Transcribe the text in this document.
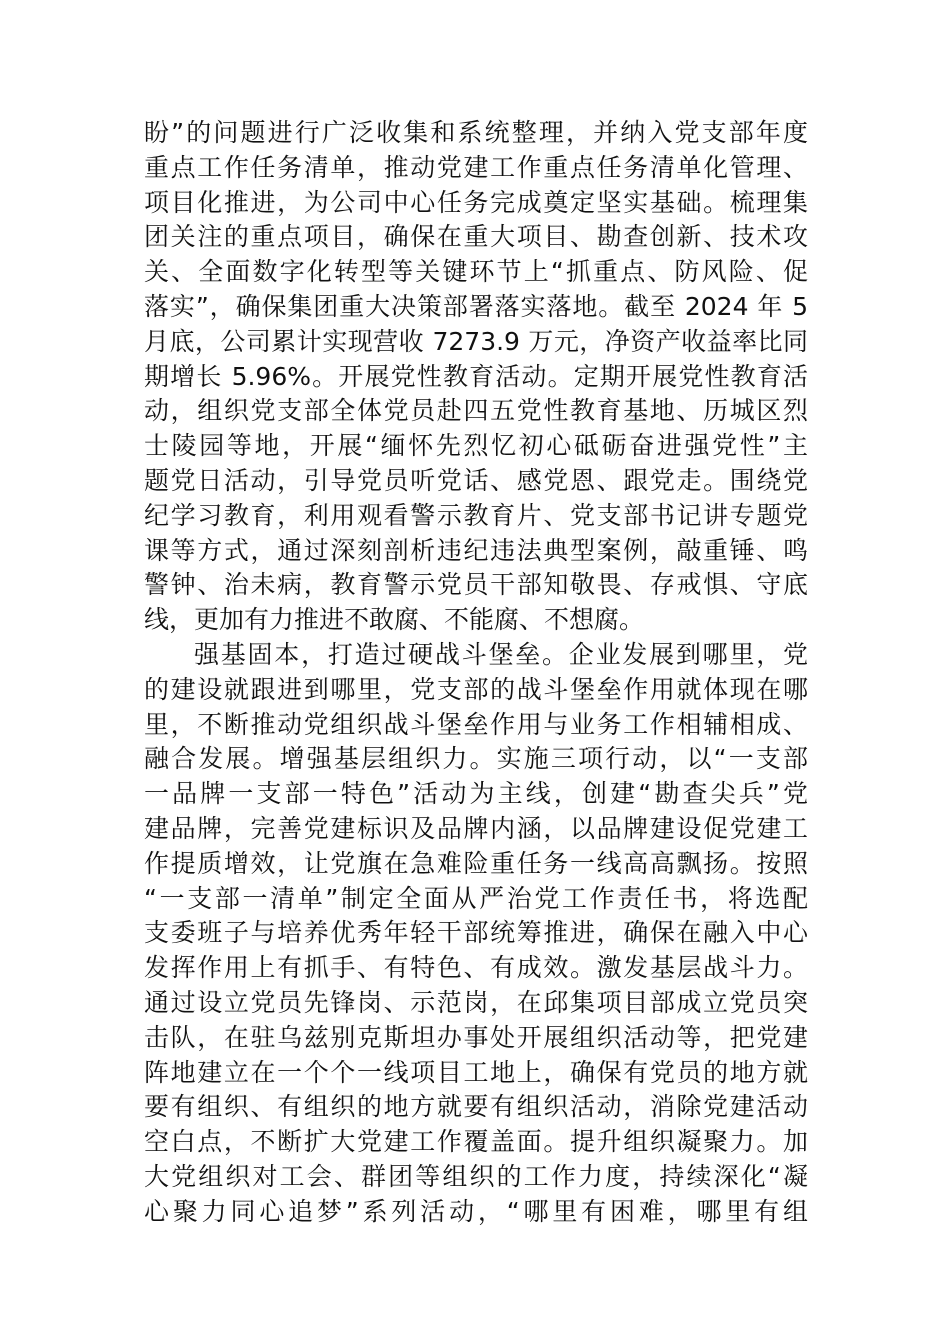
盼”的问题进行广泛收集和系统整理，并纳入党支部年度
重点工作任务清单，推动党建工作重点任务清单化管理、
项目化推进，为公司中心任务完成奠定坚实基础。梳理集
团关注的重点项目，确保在重大项目、勘查创新、技术攻
关、全面数字化转型等关键环节上“抓重点、防风险、促
落实”，确保集团重大决策部署落实落地。截至 2024 年 5
月底，公司累计实现营收 7273.9 万元，净资产收益率比同
期增长 5.96%。开展党性教育活动。定期开展党性教育活
动，组织党支部全体党员赴四五党性教育基地、历城区烈
士陵园等地，开展“缅怀先烈忆初心砥砺奋进强党性”主
题党日活动，引导党员听党话、感党恩、跟党走。围绕党
纪学习教育，利用观看警示教育片、党支部书记讲专题党
课等方式，通过深刻剖析违纪违法典型案例，敲重锤、鸣
警钟、治未病，教育警示党员干部知敬畏、存戒惧、守底
线，更加有力推进不敢腐、不能腐、不想腐。
强基固本，打造过硬战斗堡垒。企业发展到哪里，党
的建设就跟进到哪里，党支部的战斗堡垒作用就体现在哪
里，不断推动党组织战斗堡垒作用与业务工作相辅相成、
融合发展。增强基层组织力。实施三项行动，以“一支部
一品牌一支部一特色”活动为主线，创建“勘查尖兵”党
建品牌，完善党建标识及品牌内涵，以品牌建设促党建工
作提质增效，让党旗在急难险重任务一线高高飘扬。按照
“一支部一清单”制定全面从严治党工作责任书，将选配
支委班子与培养优秀年轻干部统筹推进，确保在融入中心
发挥作用上有抓手、有特色、有成效。激发基层战斗力。
通过设立党员先锋岗、示范岗，在邱集项目部成立党员突
击队，在驻乌兹别克斯坦办事处开展组织活动等，把党建
阵地建立在一个个一线项目工地上，确保有党员的地方就
要有组织、有组织的地方就要有组织活动，消除党建活动
空白点，不断扩大党建工作覆盖面。提升组织凝聚力。加
大党组织对工会、群团等组织的工作力度，持续深化“凝
心聚力同心追梦”系列活动，“哪里有困难，哪里有组
